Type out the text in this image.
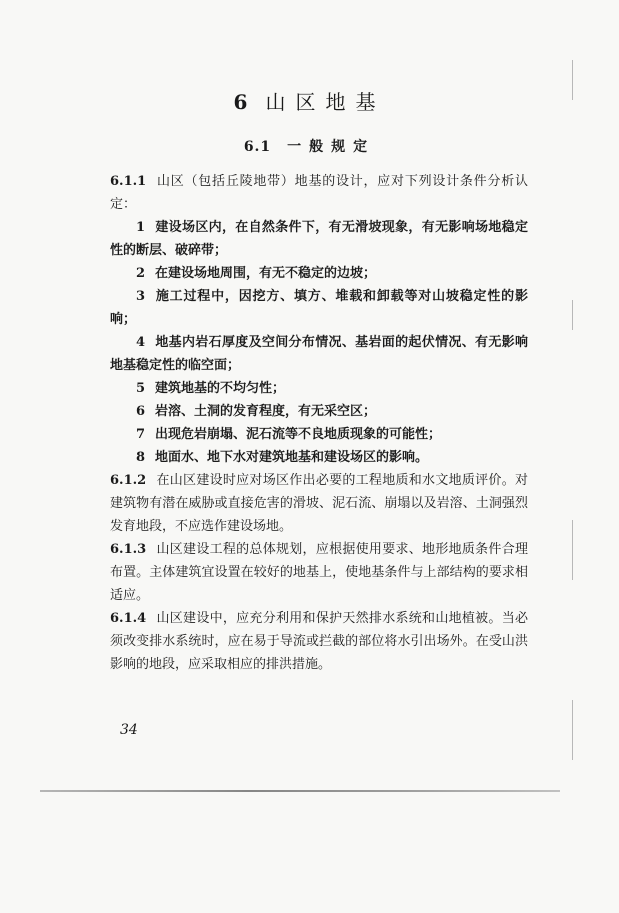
6 山区地基
6.1 一般规定

6.1.1 山区（包括丘陵地带）地基的设计，应对下列设计条件分析认定：

1 建设场区内，在自然条件下，有无滑坡现象，有无影响场地稳定性的断层、破碎带；

2 在建设场地周围，有无不稳定的边坡；

3 施工过程中，因挖方、填方、堆载和卸载等对山坡稳定性的影响；

4 地基内岩石厚度及空间分布情况、基岩面的起伏情况、有无影响地基稳定性的临空面；

5 建筑地基的不均匀性；

6 岩溶、土洞的发育程度，有无采空区；

7 出现危岩崩塌、泥石流等不良地质现象的可能性；

8 地面水、地下水对建筑地基和建设场区的影响。

6.1.2 在山区建设时应对场区作出必要的工程地质和水文地质评价。对建筑物有潜在威胁或直接危害的滑坡、泥石流、崩塌以及岩溶、土洞强烈发育地段，不应选作建设场地。

6.1.3 山区建设工程的总体规划，应根据使用要求、地形地质条件合理布置。主体建筑宜设置在较好的地基上，使地基条件与上部结构的要求相适应。

6.1.4 山区建设中，应充分利用和保护天然排水系统和山地植被。当必须改变排水系统时，应在易于导流或拦截的部位将水引出场外。在受山洪影响的地段，应采取相应的排洪措施。

34
